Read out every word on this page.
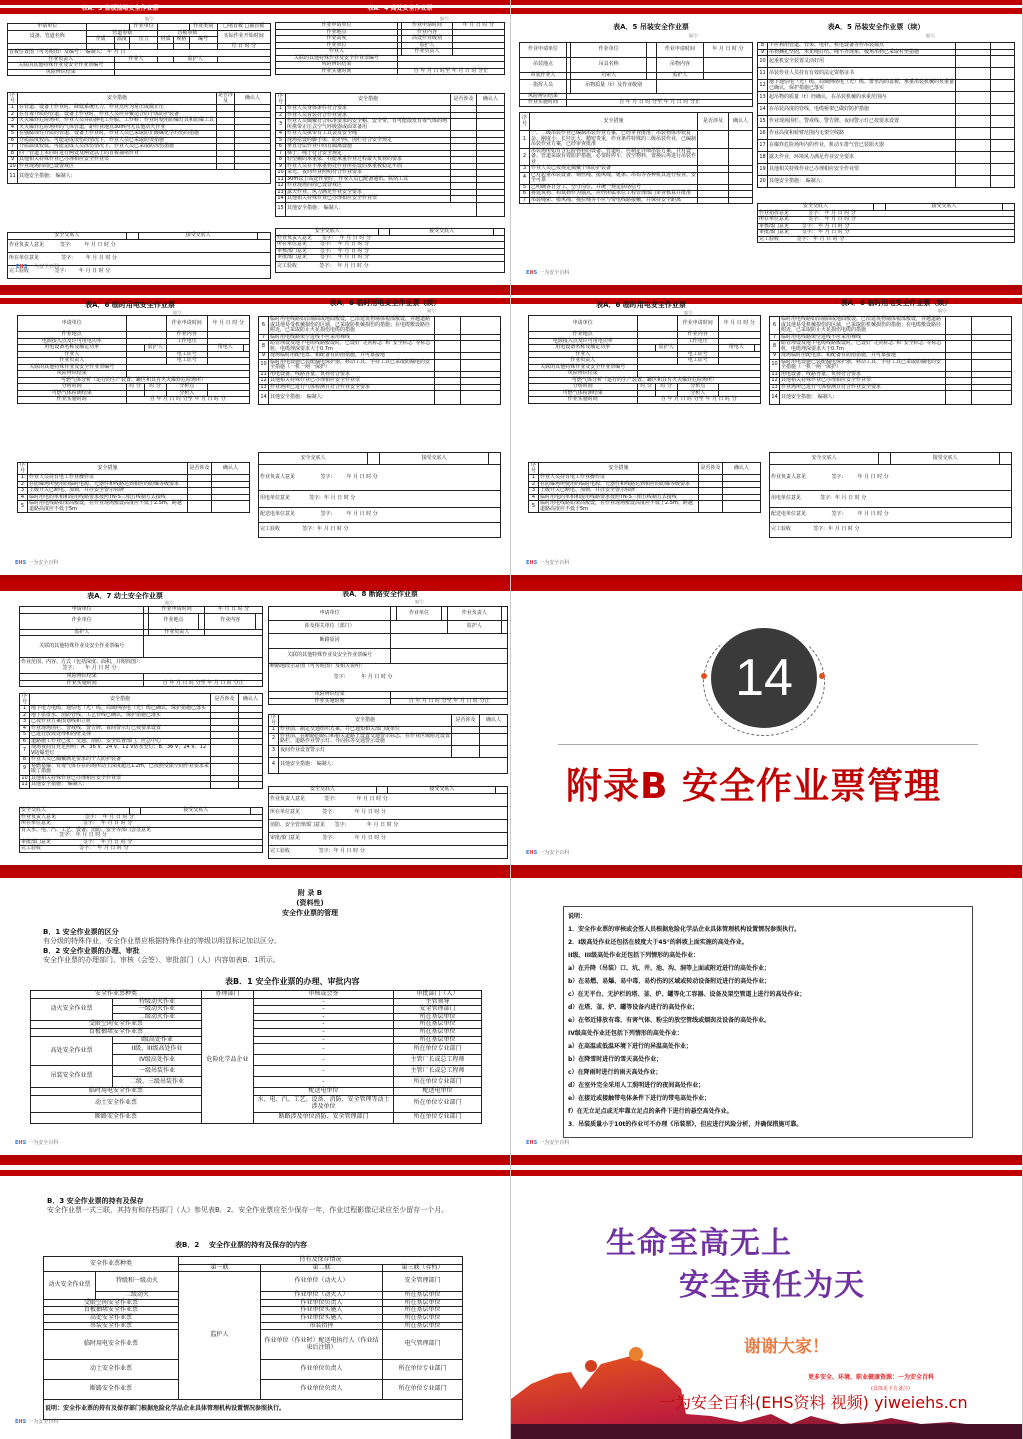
表A．3 盲板抽堵安全作业票
编号:
申请单位			作业单位			作业类别	□堵盲板 □抽盲板
设备、管道名称	管道参数			盲板参数			实际作业开始时间
	介质	温度	压力	材质	规格	编号	
							月 日 时 分
盲板位置图（可另附图）及编号： 编制人： 年 月 日							
作业负责人		作业人			监护人		
关联的其他特殊作业及安全作业票编号							
风险辨识结果							
序号	安全措施	是否涉及	确认人
1	在管道、设备上作业时，降低系统压力，作业点应为常压或微正压		
2	在有毒介质的管道、设备上作业时，作业人员应穿戴适合的个体防护装备		
3	火灾爆炸危险场所，作业人员穿防静电工作服、工作鞋；作业时使用防爆灯具和防爆工具		
4	火灾爆炸危险场所的气体管道，距作业地点30m内无其他动火作业		
5	在强腐蚀性介质的管道、设备上作业时，作业人员已采取防止酸碱化学灼伤的措施		
6	介质温度较高、可能造成烫伤的情况下，作业人员已采取防烫措施		
7	介质温度较低、可能造成人员冻伤情况下，作业人员已采取防冻伤措施		
8	同一管道上未同时进行两处及两处以上的盲板抽堵作业		
9	其他相关特殊作业已办理相应安全作业票		
10	作业现场四周已设警戒区		
11	其他安全措施： 编制人：		
安全交底人		接受交底人	
作业负责人意见	签字:	年 月 日 时 分
所在单位意见	签字:	年 月 日 时 分
完工验收	签字:	年 月 日 时 分
作业申请单位		作业申请时间	年 月 日 时 分
作业地点		作业内容	
作业高度		高处作业级别	
作业单位		监护人	
作业人		作业负责人	
关联的其他特殊作业及安全作业票编号			
风险辨识结果			
作业实施时间	自 年 月 日 时至 年 月 日 时 分止		
表A．4 高处安全作业票
编号:
序号	安全措施	是否涉及	确认人
1	作业人员身体条件符合要求		
2	作业人员着装符合作业要求		
3	作业人员佩戴符合标准要求的安全帽、安全带，有可能散发有毒气体的场所携带正压式空气呼吸器或面罩备用		
4	作业人员携带有工具袋及安全绳		
5	现场搭设的脚手架、防护网、围栏符合安全规定		
6	垂直分层作业中间有隔离设施		
7	梯子、绳子符合安全规定		
8	轻型棚的承重梁、柱能承重作业过程最大负荷的要求		
9	作业人员在不承重物处作业所搭设的承重板稳定牢固		
10	采光、夜间作业照明符合作业要求		
11	30m以上高处作业时，作业人员已配备通讯、联络工具		
12	作业现场四周已设警戒区		
13	露天作业，风力满足作业安全要求		
14	其他相关特殊作业已办理相应安全作业票		
15	其他安全措施： 编制人：		
安全交底人		接受交底人	
作业负责人意见 签字: 年 月 日 时 分
所在单位意见	签字: 年 月 日 时 分
审核部门意见	签字: 年 月 日 时 分
审批部门意见	签字: 年 月 日 时 分
完工验收	签字: 年 月 日 时 分
EHS 一为安全百科
表A．5 吊装安全作业票
编号:
作业申请单位		作业单位		作业申请时间	年 月 日 时 分
吊装地点		吊具名称		吊物内容	
吊装作业人		司索人		监护人	
指挥人员		吊物质量（t）及作业级别			
风险辨识结果					
作业实施时间	自 年 月 日 时 分至 年 月 日 时 分止				
序号	安全措施	是否涉及	确认人
1	一、二级吊装作业已编制吊装作业方案，已经审查批准；吊装物体形状复杂、刚度小、长径比大、精密贵重，作业条件特殊的三级吊装作业，已编制吊装作业方案，已经审查批准		
2	吊装场所如有含危险物料的设备、管道时，应制定详细吊装方案，并对设备、管道采取有效防护措施，必要时停车，放空物料，置换后再进行吊装作业		
3	作业人员已按规定佩戴个体防护装备		
4	已对起重吊装设备、钢丝绳、揽风绳、链条、吊钩等各种机具进行检查，安全可靠		
5	已明确各自分工、坚守岗位，并统一规定联络信号		
6	将建筑物、构筑物作为锚点，应经所属单位工程管理部门审查核算并批准		
7	吊装绳索、揽风绳、拖拉绳等不应与带电线路接触，并保持安全距离		
表A．5 吊装安全作业票（续）
编号:
8	不应利用管道、管架、电杆、机电设备等作吊装锚点		
9	吊物捆扎坚固，未见绳打结、绳不齐现象，棱角吊物已采取衬垫措施		
10	起重机安全装置灵活好用		
11	吊装作业人员持有有效的法定资格证书		
12	地下通信电（光）缆、局域网络电（光）缆、排水沟的盖板，承重吊装机械的负重量已确认，保护措施已落实		
13	起吊物的质量（t）经确认，在吊装机械的承重范围内		
14	在吊装高度的管线、电缆桥架已做好防护措施		
15	作业现场围栏、警戒线、警告牌、夜间警示灯已按要求设置		
16	作业高度和转臂范围内无架空线路		
17	在爆炸危险场所内的作业，机动车排气管已装阻火器		
18	露天作业，环境风力满足作业安全要求		
19	其他相关特殊作业已办理相应安全作业票		
20	其他安全措施： 编制人：		
安全交底人		接受交底人	
作业指挥意见	签字: 年 月 日 时 分
所在单位意见	签字: 年 月 日 时 分
审核部门意见	签字: 年 月 日 时 分
审批部门意见	签字: 年 月 日 时 分
完工验收	签字: 年 月 日 时 分
EHS 一为安全百科
表A．6 临时用电安全作业票
编号:
申请单位			作业申请时间	年 月 日 时 分	
作业地点			作业内容		
电源接入点及许可用电功率			工作电压		
用电设备名称及额定功率		监护人		用电人	
作业人			电工证号		
作业负责人			电工证号		
关联的其他特殊作业及安全作业票编号					
风险辨识结果					
可燃气体分析（运行的生产装置、罐区和具有火灾爆炸危险场所）					
分析时间	时 分	时 分	分析点		
可燃气体检测结果			分析人		
作业实施时间	自 年 月 日 时 分至 年 月 日 时 分				
序号	安全措施	是否涉及	确认人
1	作业人员持有电工作业操作证		
2	在防爆场所使用的临时电源、元器件和线路达到相应的防爆等级要求		
3	上级开关已断电、加锁，并挂安全警示标牌		
4	临时用电的单相和混用线路要求按照TN-S三相五线制方式接线		
5	临时用电线路如架高敷设，在作业现场敷设高度应不低于2.5m，跨越道路高度应不低于5m		
表A．6 临时用电安全作业票（续）
编号:
6	临时用电线路如沿墙面或地面敷设，已沿建筑物墙体根部敷设，穿越道路或其他易受机械损伤的区域，已采取防机械损伤的措施；在电缆敷设路径附近，已采取防止火花损伤电缆的措施		
7	临时用电线路架空进线不应采用裸线		
8	暗管埋设及地下电缆线路敷设时，已设好“走向标志”和“安全标志”等标志桩，电缆埋深要求大于0.7m		
9	现场临时用配电盘、箱配备有防雨措施，并可靠接地		
10	临时用电设施已装配漏电保护器，移动工具、手持工具已采取防漏电的安全措施（一机一闸一保护）		
11	用电设备、线路容量、负荷符合要求		
12	其他相关特殊作业已办理相应安全作业票		
13	作业场所已进行气体检测且符合作业安全要求		
14	其他安全措施： 编制人：		
安全交底人		接受交底人	
作业负责人意见	签字:	年 月 日 时 分
用电单位意见	签字: 年 月 日 时 分
配送电单位意见	签字:	年 月 日 时 分
完工验收	签字: 年 月 日 时 分
EHS 一为安全百科
表A．6 临时用电安全作业票
编号:
申请单位			作业申请时间	年 月 日 时 分	
作业地点			作业内容		
电源接入点及许可用电功率			工作电压		
用电设备名称及额定功率		监护人		用电人	
作业人			电工证号		
作业负责人			电工证号		
关联的其他特殊作业及安全作业票编号					
风险辨识结果					
可燃气体分析（运行的生产装置、罐区和具有火灾爆炸危险场所）					
分析时间	时 分	时 分	分析点		
可燃气体检测结果			分析人		
作业实施时间	自 年 月 日 时 分至 年 月 日 时 分				
序号	安全措施	是否涉及	确认人
1	作业人员持有电工作业操作证		
2	在防爆场所使用的临时电源、元器件和线路达到相应的防爆等级要求		
3	上级开关已断电、加锁，并挂安全警示标牌		
4	临时用电的单相和混用线路要求按照TN-S三相五线制方式接线		
5	临时用电线路如架高敷设，在作业现场敷设高度应不低于2.5m，跨越道路高度应不低于5m		
表A．6 临时用电安全作业票（续）
编号:
6	临时用电线路如沿墙面或地面敷设，已沿建筑物墙体根部敷设，穿越道路或其他易受机械损伤的区域，已采取防机械损伤的措施；在电缆敷设路径附近，已采取防止火花损伤电缆的措施		
7	临时用电线路架空进线不应采用裸线		
8	暗管埋设及地下电缆线路敷设时，已设好“走向标志”和“安全标志”等标志桩，电缆埋深要求大于0.7m		
9	现场临时用配电盘、箱配备有防雨措施，并可靠接地		
10	临时用电设施已装配漏电保护器，移动工具、手持工具已采取防漏电的安全措施（一机一闸一保护）		
11	用电设备、线路容量、负荷符合要求		
12	其他相关特殊作业已办理相应安全作业票		
13	作业场所已进行气体检测且符合作业安全要求		
14	其他安全措施： 编制人：		
安全交底人		接受交底人	
作业负责人意见	签字:	年 月 日 时 分
用电单位意见	签字: 年 月 日 时 分
配送电单位意见	签字:	年 月 日 时 分
完工验收	签字: 年 月 日 时 分
EHS 一为安全百科
表A．7 动土安全作业票
编号:
申请单位		作业申请时间		年 月 日 时 分	
作业单位		作业地点		作业内容	
监护人		作业负责人			
关联的其他特殊作业及安全作业票编号					
作业范围、内容、方式（包括深度、面积，并附简图）：
签字: 年 月 日 时 分					
风险辨识结果					
作业实施时间	自 年 月 日 时 分至 年 月 日 时 分止				
序号	安全措施	是否涉及	确认人
1	地下电力电缆、通信电（光）缆、局域网络电（光）缆已确认，保护措施已落实		
2	地下供排水、消防管线、工艺管线已确认，保护措施已落实		
3	已按作业方案图划线和立桩		
4	作业现场围栏、警戒线、警告牌、夜间警示灯已按要求设置		
5	已进行放坡处理和固壁支撑		
6	道路施工作业已报：交通、消防、安全监督部门、应急中心		
7	现场夜间有充足照明：A．36 V、24 V、12 V防水型灯；B．36 V、24 V、12 V防爆型灯		
8	作业人员已佩戴满足要求的个人防护装备		
9	易燃易爆、有毒气体存在的场所动土深度超过1.2m，已按照受限空间作业要求采取了措施		
10	其他相关特殊作业已办理相应安全作业票		
11	其他安全措施： 编制人：		
安全交底人		接受交底人	
作业负责人意见	签字: 年 月 日 时 分
所在单位意见	签字: 年 月 日 时 分
有关水、电、汽、工艺、设备、消防、安全等部门会签意见
签字: 年 月 日 时 分
审批部门意见	签字: 年 月 日 时 分
完工验收	签字: 年 月 日 时 分
表A．8 断路安全作业票
编号:
申请单位		作业单位		作业负责人	
涉及相关单位（部门）				监护人	
断路原因					
关联的其他特殊作业及安全作业票编号					
断路地段示意图（可另附图）及相关说明：

签字: 年 月 日 时 分					
风险辨识结果					
作业实施时间	自 年 月 日 时 分至 年 月 日 时 分止				
序号	安全措施	是否涉及	确认人
1	作业前，制定交通组织方案，并已通知相关部门或单位		
2	作业前，在断路的路口和相关道路上设置交通警示标志，在作业区域附近设置路栏、道路作业警示灯、导向标等交通警示设施		
3	夜间作业设置警示灯		
4	其他安全措施： 编制人：		
安全交底人		接受交底人	
作业负责人意见	签字:	年 月 日 时 分
所在单位意见	签字:	年 月 日 时 分
消防、安全管理部门意见 签字:	年 月 日 时 分
审批部门意见	签字:	年 月 日 时 分
完工验收	签字: 年 月 日 时 分
14
附录B 安全作业票管理
EHS 一为安全百科
附 录 B
(资料性)
安全作业票的管理

B．1 安全作业票的区分

有分级的特殊作业，安全作业票应根据特殊作业的等级以明显标记加以区分。

B．2 安全作业票的办理、审批

安全作业票的办理部门、审核（会签）、审批部门（人）内容如表B．1所示。

表B．1 安全作业票的办理、审批内容
安全作业票种类		办理部门	审核或会签	审批部门（人）
动火安全作业票	特级动火作业	危险化学品企业	-	主管领导
	一级动火作业		-	安全管理部门
	二级动火作业		-	所在基层单位
受限空间安全作业票			-	所在基层单位
盲板抽堵安全作业票			-	所在基层单位
高处安全作业票	I级高处作业		-	所在基层单位
	II级、III级高处作业		-	所在单位专业部门
	IV级高处作业		-	主管厂长或总工程师
吊装安全作业票	一级吊装作业		-	主管厂长或总工程师
	二级、三级吊装作业		-	所在单位专业部门
临时用电安全作业票			配送电单位	配送电单位
动土安全作业票			水、电、汽、工艺、设备、消防、安全管理等动土涉及单位	所在单位专业部门
断路安全作业票			断路涉及单位消防、安全管理部门	所在单位专业部门
EHS 一为安全百科
说明：
1．安全作业票的审核或会签人员根据危险化学品企业具体管理机构设置情况参照执行。
2．I级高处作业还包括在坡度大于45°的斜坡上面实施的高处作业。
II级、III级高处作业还包括下列情形的高处作业：
a）在升降（吊装）口、坑、井、池、沟、洞等上面或附近进行的高处作业；
b）在易燃、易爆、易中毒、易灼伤的区域或转动设备附近进行的高处作业；
c）在无平台、无护栏的塔、釜、炉、罐等化工容器、设备及架空管道上进行的高处作业；
d）在塔、釜、炉、罐等设备内进行的高处作业；
e）在邻近排放有毒、有害气体、粉尘的放空管线或烟囱及设备的高处作业。
IV级高处作业还包括下列情形的高处作业：
a）在高温或低温环境下进行的异温高处作业；
b）在降雪时进行的雪天高处作业；
c）在降雨时进行的雨天高处作业；
d）在室外完全采用人工照明进行的夜间高处作业；
e）在接近或接触带电体条件下进行的带电高处作业；
f）在无立足点或无牢靠立足点的条件下进行的悬空高处作业。
3．吊装质量小于10t的作业可不办理《吊装票》，但应进行风险分析，并确保措施可靠。
EHS 一为安全百科

B．3 安全作业票的持有及保存

安全作业票一式三联，其持有和存档部门（人）参见表B．2。安全作业票应至少保存一年，作业过程影像记录应至少留存一个月。

表B．2    安全作业票的持有及保存的内容
安全作业票种类		持有及保存情况		
		第一联	第二联	第三联（存档）
动火安全作业票	特级和一级动火	监护人	作业单位（动火人）	安全管理部门
	二级动火		作业单位（动火人）	所在基层单位
受限空间安全作业票			作业单位负责人	所在基层单位
盲板抽堵安全作业票			作业单位实施人	所在基层单位
高处安全作业票			作业单位实施人	所在基层单位
吊装安全作业票			吊装指挥	所在基层单位
临时用电安全作业票			作业单位（作业时）配送电执行人（作业结束后注销）	电气管理部门
动土安全作业票			作业单位负责人	所在单位专业部门
断路安全作业票			作业单位负责人	所在单位专业部门
说明：安全作业票的持有及保存部门根据危险化学品企业具体管理机构设置情况参照执行。				
EHS 一为安全百科
生命至高无上
安全责任为天
谢谢大家！
更多安全、环境、职业健康资源：一为安全百科
(具体见下方备注)
一为安全百科(EHS资料 视频) yiweiehs.cn
